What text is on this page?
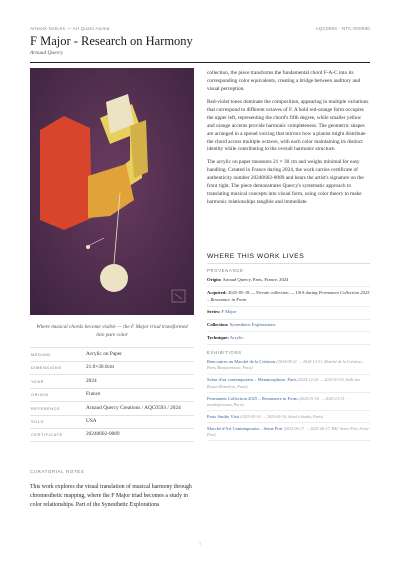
Artwork Notices — Art Quant Anima	AQC0593 · NTC-000590
F Major - Research on Harmony
Arnaud Quercy
Where musical chords become visible — the F Major triad transformed into pure color
MEDIUM	Acrylic on Paper
DIMENSIONS	21.0×30.0cm
YEAR	2024
ORIGIN	France
REFERENCE	Arnaud Quercy Creations / AQC0593 / 2024
SOLD	USA
CERTIFICATE	20240602-0089
CURATORIAL NOTES
This work explores the visual translation of musical harmony through chromesthetic mapping, where the F Major triad becomes a study in color relationships. Part of the Synesthetic Explorations

collection, the piece transforms the fundamental chord F-A-C into its corresponding color equivalents, creating a bridge between auditory and visual perception.

Red-violet tones dominate the composition, appearing in multiple variations that correspond to different octaves of F. A bold red-orange form occupies the upper left, representing the chord's fifth degree, while smaller yellow and orange accents provide harmonic completeness. The geometric shapes are arranged in a spread voicing that mirrors how a pianist might distribute the chord across multiple octaves, with each color maintaining its distinct identity while contributing to the overall harmonic structure.

The acrylic on paper measures 21 × 30 cm and weighs minimal for easy handling. Created in France during 2024, the work carries certificate of authenticity number 20240602-0089 and bears the artist's signature on the front right. The piece demonstrates Quercy's systematic approach to translating musical concepts into visual form, using color theory to make harmonic relationships tangible and immediate.

WHERE THIS WORK LIVES
PROVENANCE
Origin: Arnaud Quercy, Paris, France, 2024
Acquired: 2025-05-18 — Private collection — USA during Permanent Collection 2025 – Resonance in Form
Series: F Major
Collection: Synesthetic Explorations
Technique: Acrylic
EXHIBITIONS
Rencontres au Marché de la Création (2024-09-21 → 2024-12-31, Marché de la Création – Paris Montparnasse, Paris)
Salon d'art contemporain – Metamorphose, Paris (2024-12-20 → 2025-01-03, Salle des Beaux Mosnières, Paris)
Permanent Collection 2025 – Resonance in Form (2025-01-03 → 2025-12-31, mondoperezart, Paris)
Paris Studio Visit (2025-02-16 → 2025-02-16, Artist's Studio, Paris)
Marché d'Art Contemporain – Seine Port (2025-06-17 → 2025-06-17, BAC Seine-Port, Seine-Port)
1
